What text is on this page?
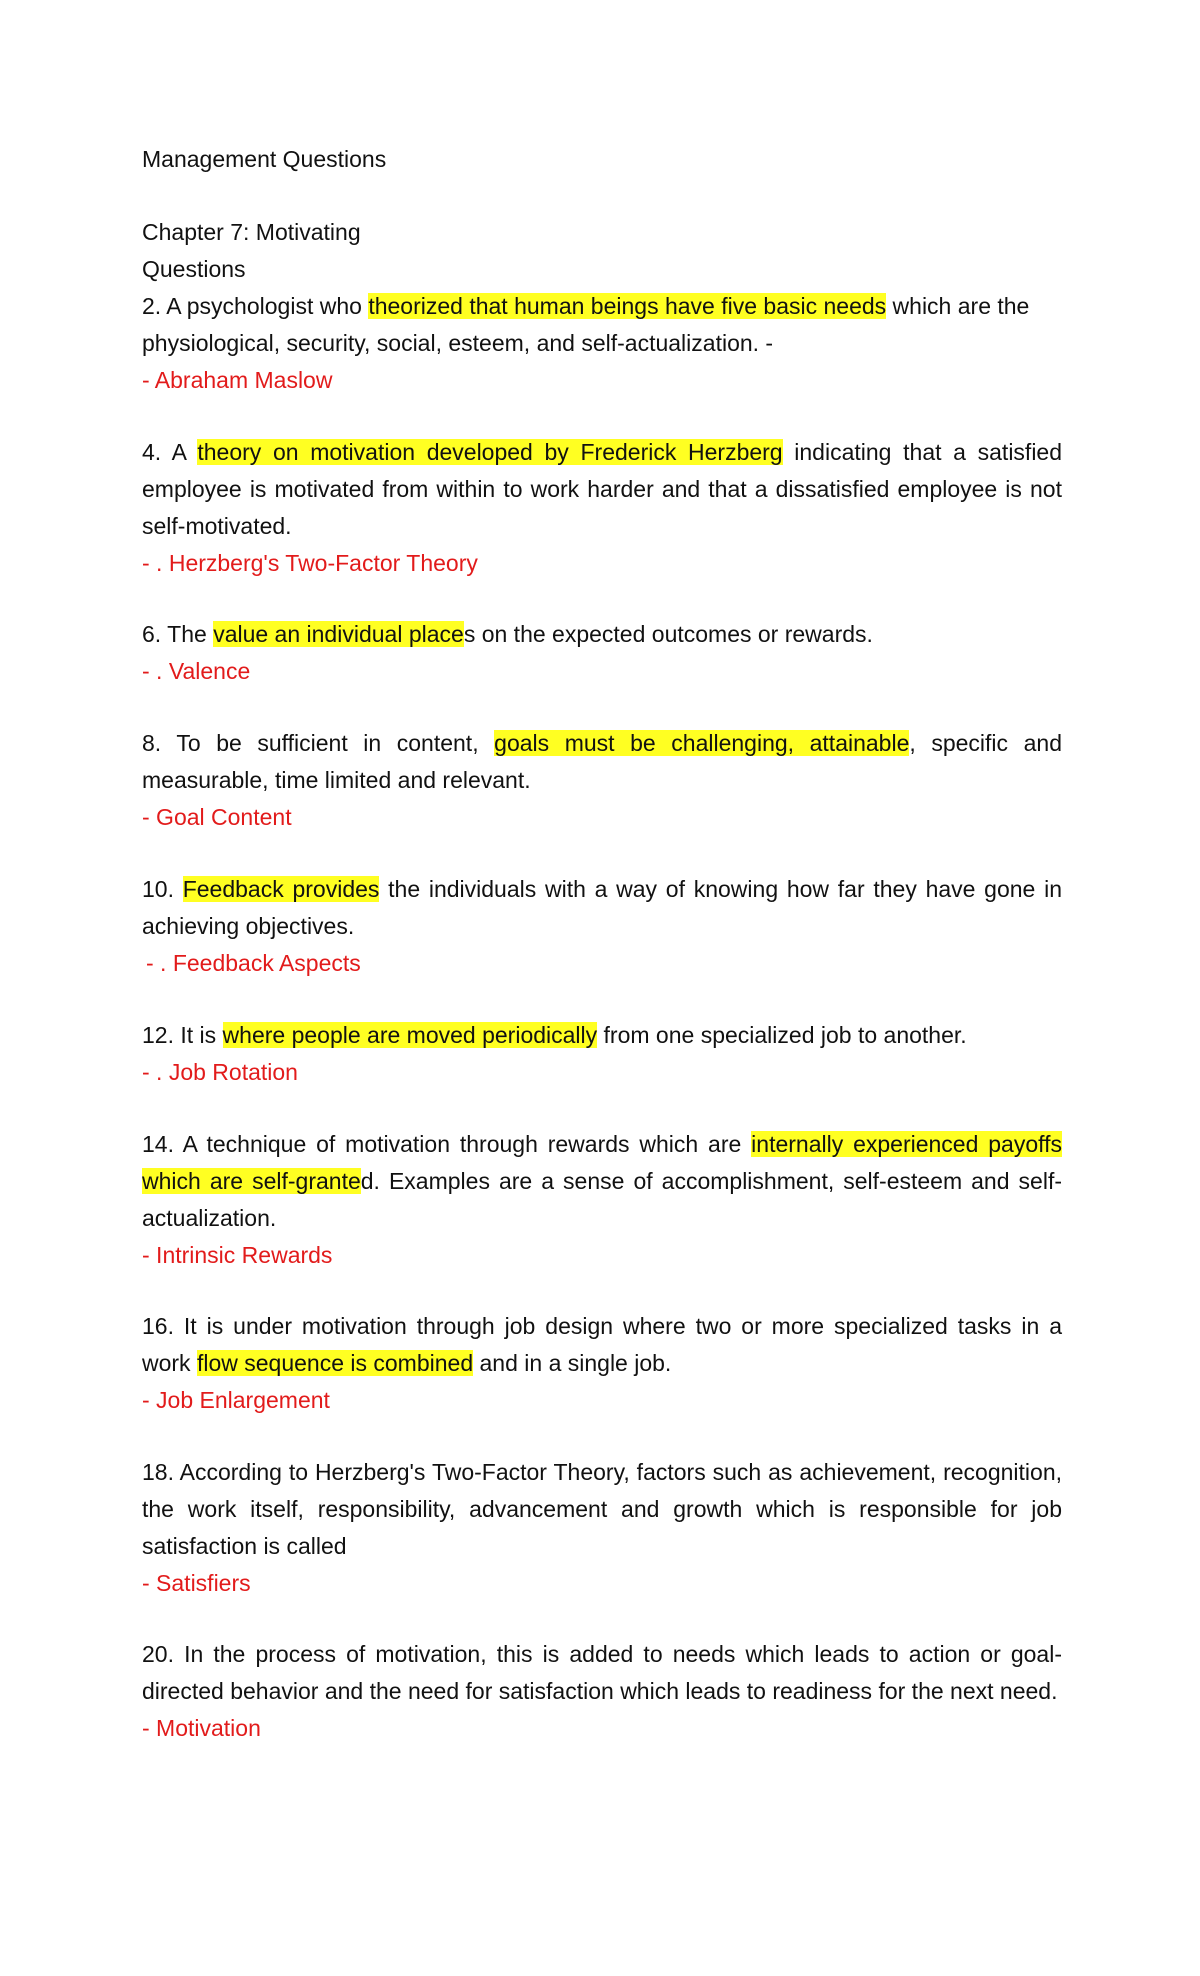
Management Questions

Chapter 7: Motivating

Questions

2. A psychologist who theorized that human beings have five basic needs which are the physiological, security, social, esteem, and self-actualization. -

- Abraham Maslow

4. A theory on motivation developed by Frederick Herzberg indicating that a satisfied employee is motivated from within to work harder and that a dissatisfied employee is not self-motivated.

- . Herzberg's Two-Factor Theory

6. The value an individual places on the expected outcomes or rewards.

- . Valence

8. To be sufficient in content, goals must be challenging, attainable, specific and measurable, time limited and relevant.

- Goal Content

10. Feedback provides the individuals with a way of knowing how far they have gone in achieving objectives.

- . Feedback Aspects

12. It is where people are moved periodically from one specialized job to another.

- . Job Rotation

14. A technique of motivation through rewards which are internally experienced payoffs which are self-granted. Examples are a sense of accomplishment, self-esteem and self- actualization.

- Intrinsic Rewards

16. It is under motivation through job design where two or more specialized tasks in a work flow sequence is combined and in a single job.

- Job Enlargement

18. According to Herzberg's Two-Factor Theory, factors such as achievement, recognition, the work itself, responsibility, advancement and growth which is responsible for job satisfaction is called

- Satisfiers

20. In the process of motivation, this is added to needs which leads to action or goal- directed behavior and the need for satisfaction which leads to readiness for the next need.

- Motivation
